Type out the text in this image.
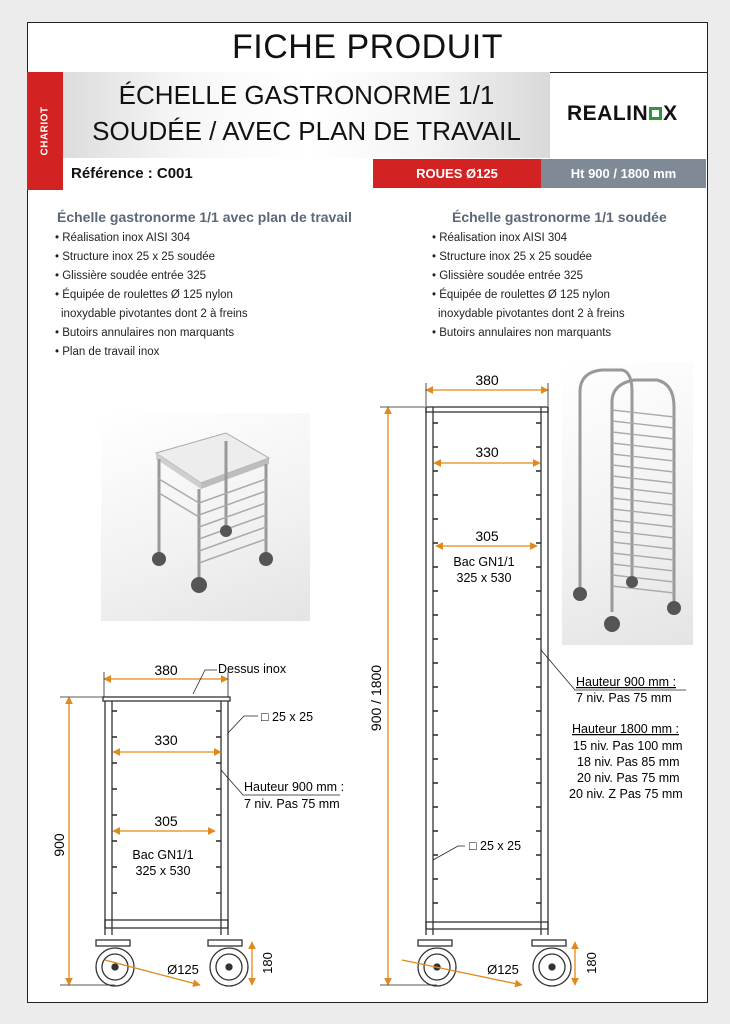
FICHE PRODUIT
CHARIOT
ÉCHELLE GASTRONORME 1/1
SOUDÉE / AVEC PLAN DE TRAVAIL
REALIN X
Référence : C001	ROUES Ø125	Ht 900 / 1800 mm
Échelle gastronorme 1/1 avec plan de travail
• Réalisation inox AISI 304
• Structure inox 25 x 25 soudée
• Glissière soudée entrée 325
• Équipée de roulettes Ø 125 nylon
inoxydable pivotantes dont 2 à freins
• Butoirs annulaires non marquants
• Plan de travail inox
Échelle gastronorme 1/1 soudée
• Réalisation inox AISI 304
• Structure inox 25 x 25 soudée
• Glissière soudée entrée 325
• Équipée de roulettes Ø 125 nylon
inoxydable pivotantes dont 2 à freins
• Butoirs annulaires non marquants
380	Dessus inox
□ 25 x 25
330
Hauteur 900 mm :
7 niv. Pas 75 mm
305
Bac GN1/1
325 x 530
900
Ø125	180
380
330
305
Bac GN1/1
325 x 530
900 / 1800	Hauteur 900 mm :
7 niv. Pas 75 mm
Hauteur 1800 mm :
15 niv. Pas 100 mm
18 niv. Pas 85 mm
20 niv. Pas 75 mm
20 niv. Z Pas 75 mm
□ 25 x 25
Ø125	180
